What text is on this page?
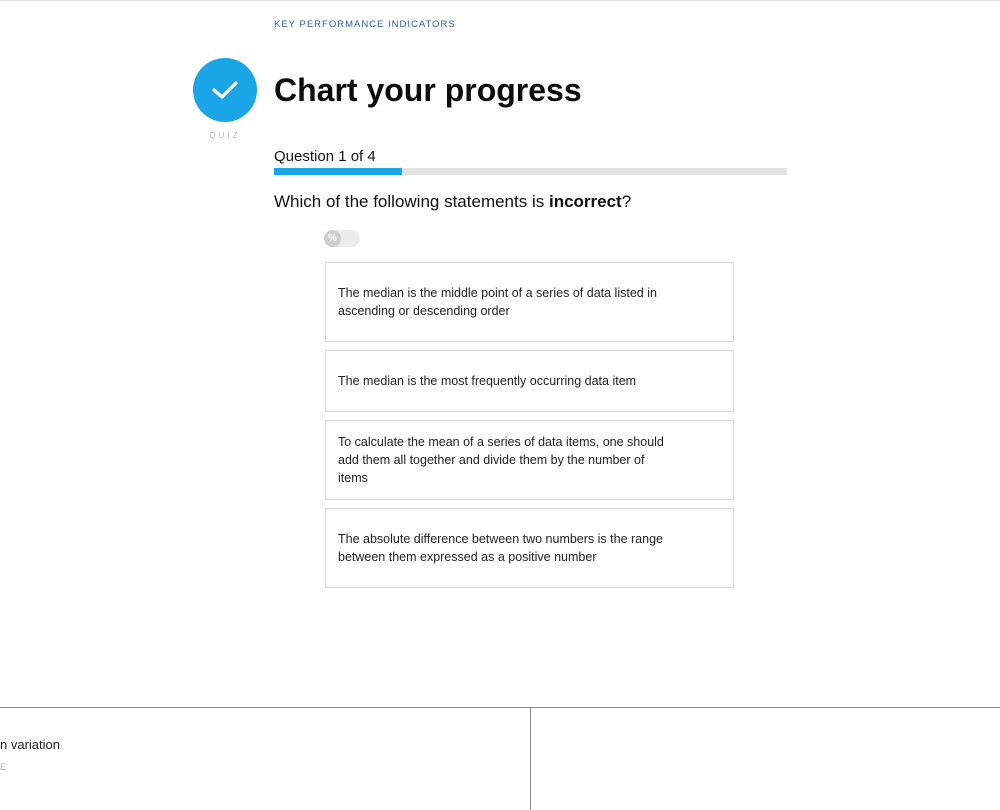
KEY PERFORMANCE INDICATORS
QUIZ
Chart your progress
Question 1 of 4
Which of the following statements is incorrect?
%
The median is the middle point of a series of data listed in ascending or descending order
The median is the most frequently occurring data item
To calculate the mean of a series of data items, one should add them all together and divide them by the number of items
The absolute difference between two numbers is the range between them expressed as a positive number
n variation
E
